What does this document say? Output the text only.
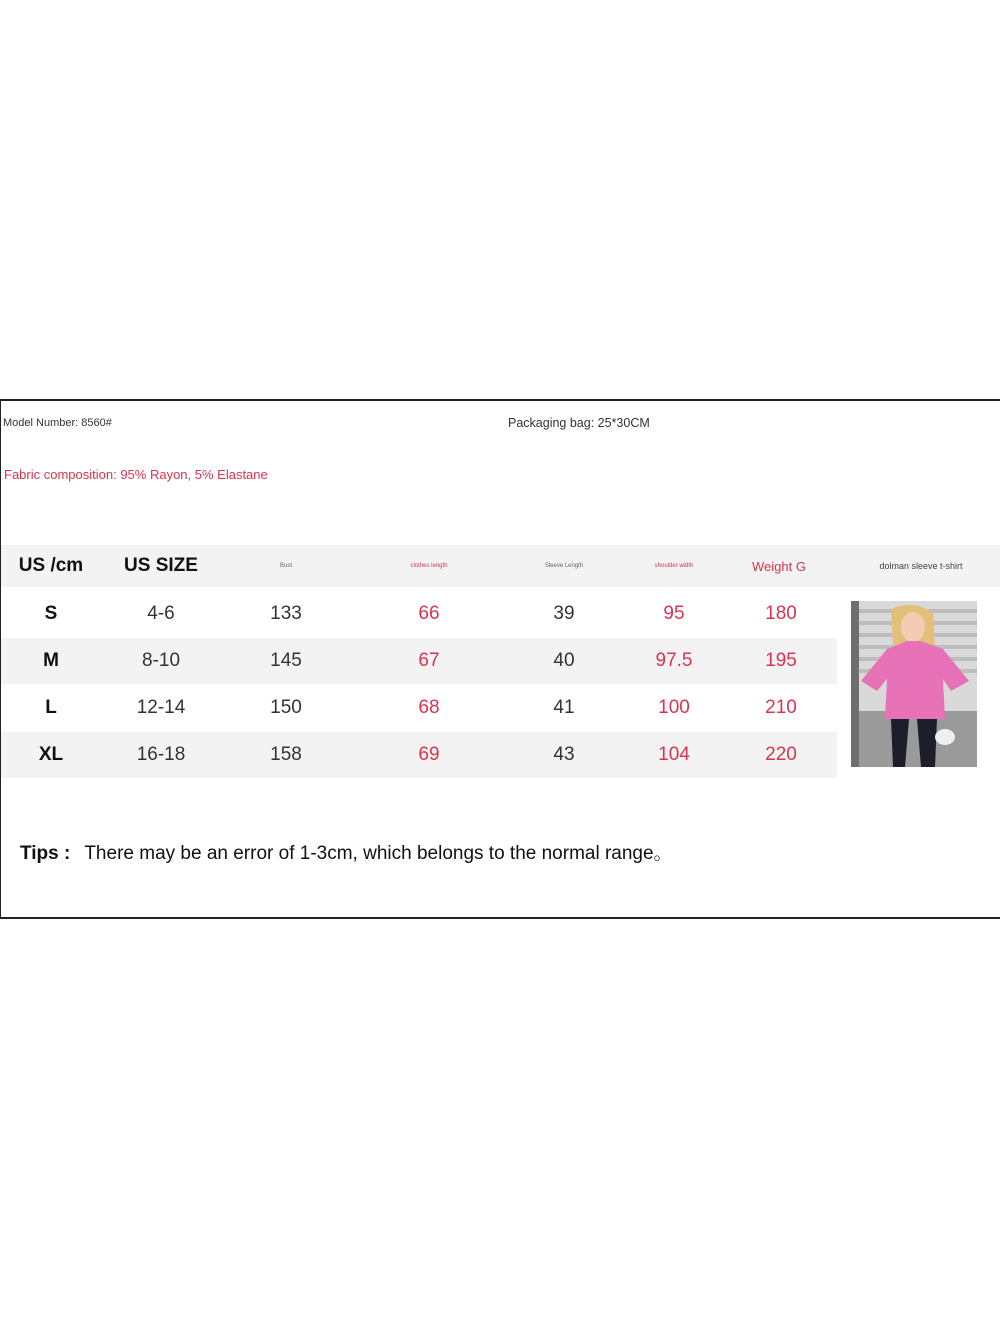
Model Number: 8560#	Packaging bag: 25*30CM
Fabric composition: 95% Rayon, 5% Elastane
US /cm	US SIZE	Bust	clothes length	Sleeve Length	shoulder width	Weight G	dolman sleeve t-shirt
S	4-6	133	66	39	95	180
M	8-10	145	67	40	97.5	195
L	12-14	150	68	41	100	210
XL	16-18	158	69	43	104	220
Tips : There may be an error of 1-3cm, which belongs to the normal range。
